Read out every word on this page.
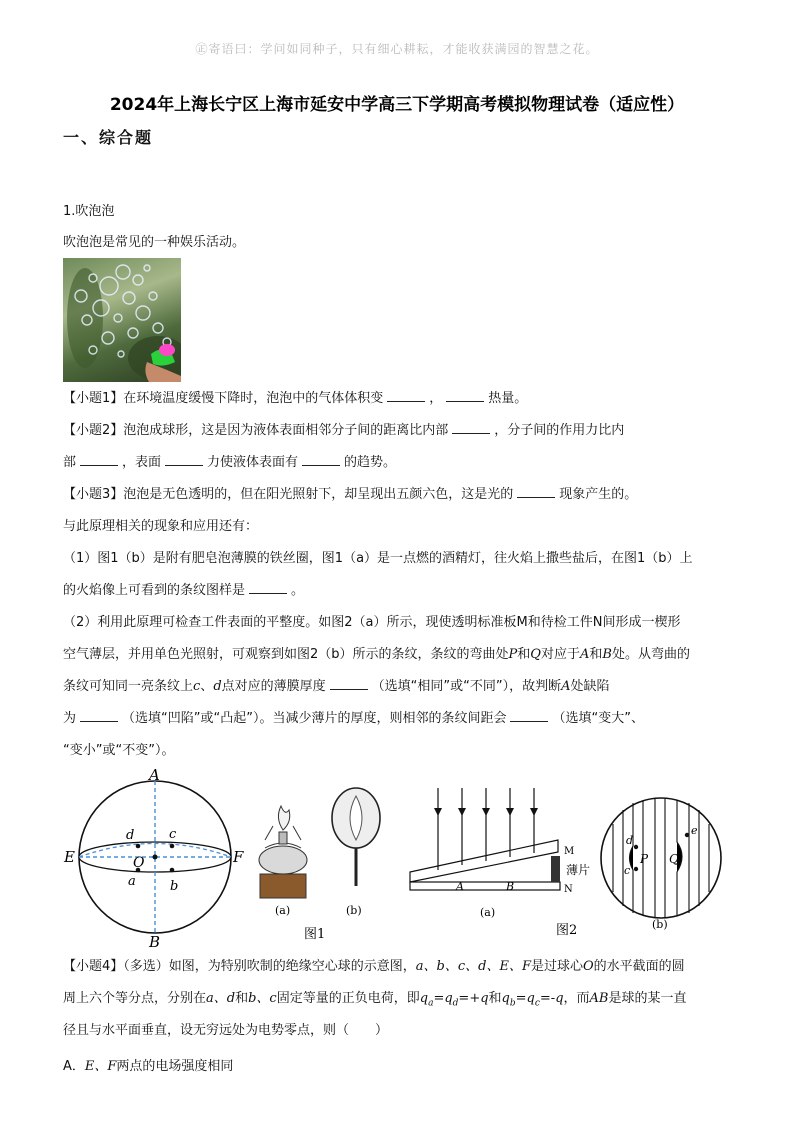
㊣寄语曰：学问如同种子，只有细心耕耘，才能收获满园的智慧之花。
2024年上海长宁区上海市延安中学高三下学期高考模拟物理试卷（适应性）
一、综合题
1.吹泡泡
吹泡泡是常见的一种娱乐活动。
【小题1】在环境温度缓慢下降时，泡泡中的气体体积变	，	热量。
【小题2】泡泡成球形，这是因为液体表面相邻分子间的距离比内部	，分子间的作用力比内
部	，表面	力使液体表面有	的趋势。
【小题3】泡泡是无色透明的，但在阳光照射下，却呈现出五颜六色，这是光的	现象产生的。
与此原理相关的现象和应用还有：
（1）图1（b）是附有肥皂泡薄膜的铁丝圈，图1（a）是一点燃的酒精灯，往火焰上撒些盐后，在图1（b）上
的火焰像上可看到的条纹图样是	。
（2）利用此原理可检查工件表面的平整度。如图2（a）所示，现使透明标准板M和待检工件N间形成一楔形
空气薄层，并用单色光照射，可观察到如图2（b）所示的条纹，条纹的弯曲处P和Q对应于A和B处。从弯曲的
条纹可知同一亮条纹上c、d点对应的薄膜厚度	（选填“相同”或“不同”），故判断A处缺陷
为	（选填“凹陷”或“凸起”）。当减少薄片的厚度，则相邻的条纹间距会	（选填“变大”、
“变小”或“不变”）。
A
B
E	F
O
d	c
a	b
(a)	(b)
图1
M
N
薄片
A	B
(a)
图2
d
c
P Q
e
(b)
【小题4】（多选）如图，为特别吹制的绝缘空心球的示意图，a、b、c、d、E、F是过球心O的水平截面的圆
周上六个等分点，分别在a、d和b、c固定等量的正负电荷，即$q_a=q_d=+q$和$q_b=q_c=-q$，而AB是球的某一直
径且与水平面垂直，设无穷远处为电势零点，则（　　）
A．E、F两点的电场强度相同
